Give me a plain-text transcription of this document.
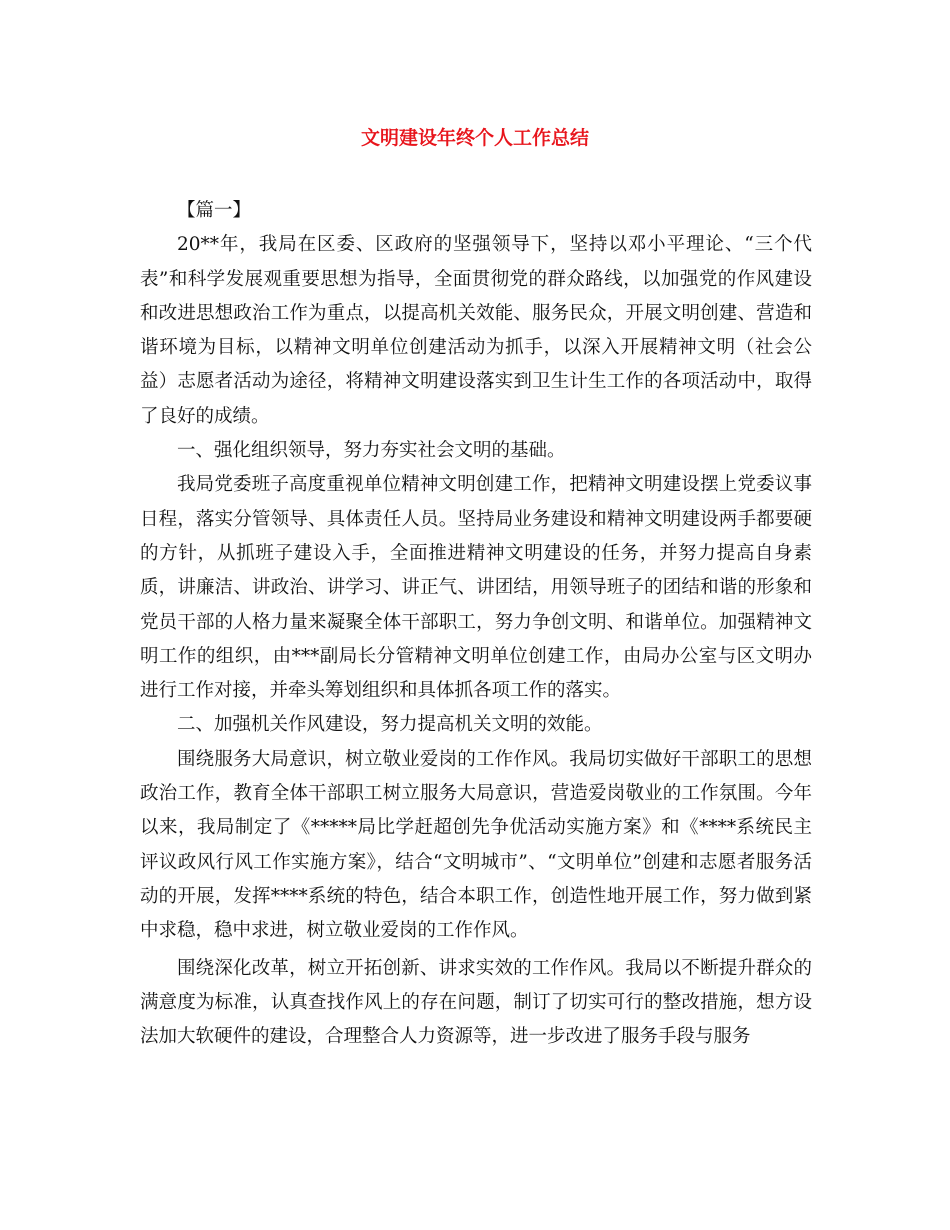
文明建设年终个人工作总结

【篇一】

20**年，我局在区委、区政府的坚强领导下，坚持以邓小平理论、“三个代表”和科学发展观重要思想为指导，全面贯彻党的群众路线，以加强党的作风建设和改进思想政治工作为重点，以提高机关效能、服务民众，开展文明创建、营造和谐环境为目标，以精神文明单位创建活动为抓手，以深入开展精神文明（社会公益）志愿者活动为途径，将精神文明建设落实到卫生计生工作的各项活动中，取得了良好的成绩。

一、强化组织领导，努力夯实社会文明的基础。

我局党委班子高度重视单位精神文明创建工作，把精神文明建设摆上党委议事日程，落实分管领导、具体责任人员。坚持局业务建设和精神文明建设两手都要硬的方针，从抓班子建设入手，全面推进精神文明建设的任务，并努力提高自身素质，讲廉洁、讲政治、讲学习、讲正气、讲团结，用领导班子的团结和谐的形象和党员干部的人格力量来凝聚全体干部职工，努力争创文明、和谐单位。加强精神文明工作的组织，由***副局长分管精神文明单位创建工作，由局办公室与区文明办进行工作对接，并牵头筹划组织和具体抓各项工作的落实。

二、加强机关作风建设，努力提高机关文明的效能。

围绕服务大局意识，树立敬业爱岗的工作作风。我局切实做好干部职工的思想政治工作，教育全体干部职工树立服务大局意识，营造爱岗敬业的工作氛围。今年以来，我局制定了《*****局比学赶超创先争优活动实施方案》和《****系统民主评议政风行风工作实施方案》，结合“文明城市”、“文明单位”创建和志愿者服务活动的开展，发挥****系统的特色，结合本职工作，创造性地开展工作，努力做到紧中求稳，稳中求进，树立敬业爱岗的工作作风。

围绕深化改革，树立开拓创新、讲求实效的工作作风。我局以不断提升群众的满意度为标准，认真查找作风上的存在问题，制订了切实可行的整改措施，想方设法加大软硬件的建设，合理整合人力资源等，进一步改进了服务手段与服务
